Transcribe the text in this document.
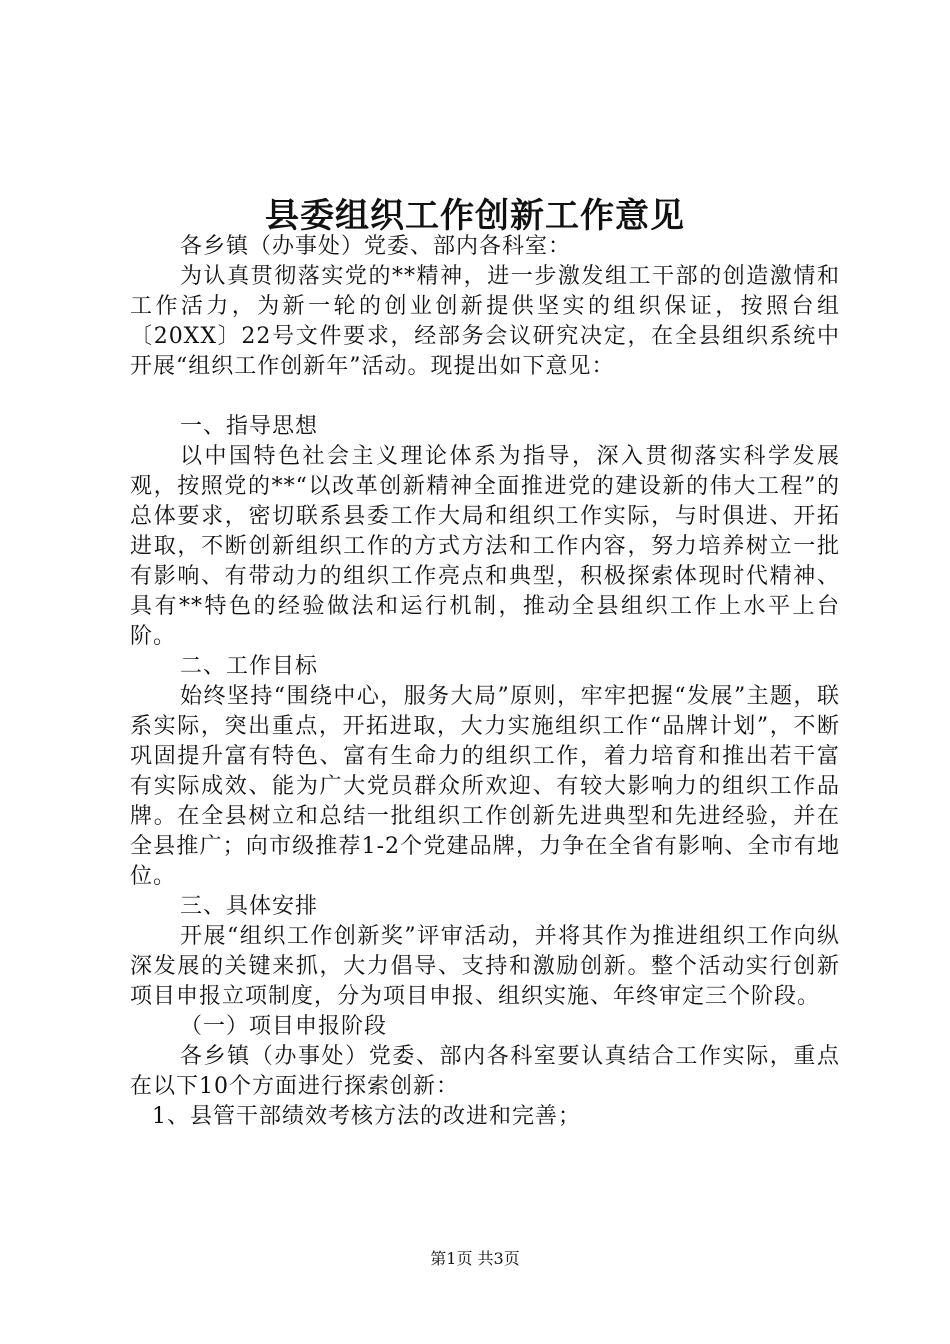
县委组织工作创新工作意见

各乡镇（办事处）党委、部内各科室：

为认真贯彻落实党的**精神，进一步激发组工干部的创造激情和工作活力，为新一轮的创业创新提供坚实的组织保证，按照台组〔20XX〕22号文件要求，经部务会议研究决定，在全县组织系统中开展“组织工作创新年”活动。现提出如下意见：

一、指导思想

以中国特色社会主义理论体系为指导，深入贯彻落实科学发展观，按照党的**“以改革创新精神全面推进党的建设新的伟大工程”的总体要求，密切联系县委工作大局和组织工作实际，与时俱进、开拓进取，不断创新组织工作的方式方法和工作内容，努力培养树立一批有影响、有带动力的组织工作亮点和典型，积极探索体现时代精神、具有**特色的经验做法和运行机制，推动全县组织工作上水平上台阶。

二、工作目标

始终坚持“围绕中心，服务大局”原则，牢牢把握“发展”主题，联系实际，突出重点，开拓进取，大力实施组织工作“品牌计划”，不断巩固提升富有特色、富有生命力的组织工作，着力培育和推出若干富有实际成效、能为广大党员群众所欢迎、有较大影响力的组织工作品牌。在全县树立和总结一批组织工作创新先进典型和先进经验，并在全县推广；向市级推荐1-2个党建品牌，力争在全省有影响、全市有地位。

三、具体安排

开展“组织工作创新奖”评审活动，并将其作为推进组织工作向纵深发展的关键来抓，大力倡导、支持和激励创新。整个活动实行创新项目申报立项制度，分为项目申报、组织实施、年终审定三个阶段。

（一）项目申报阶段

各乡镇（办事处）党委、部内各科室要认真结合工作实际，重点在以下10个方面进行探索创新：

1、县管干部绩效考核方法的改进和完善；

第1页 共3页
